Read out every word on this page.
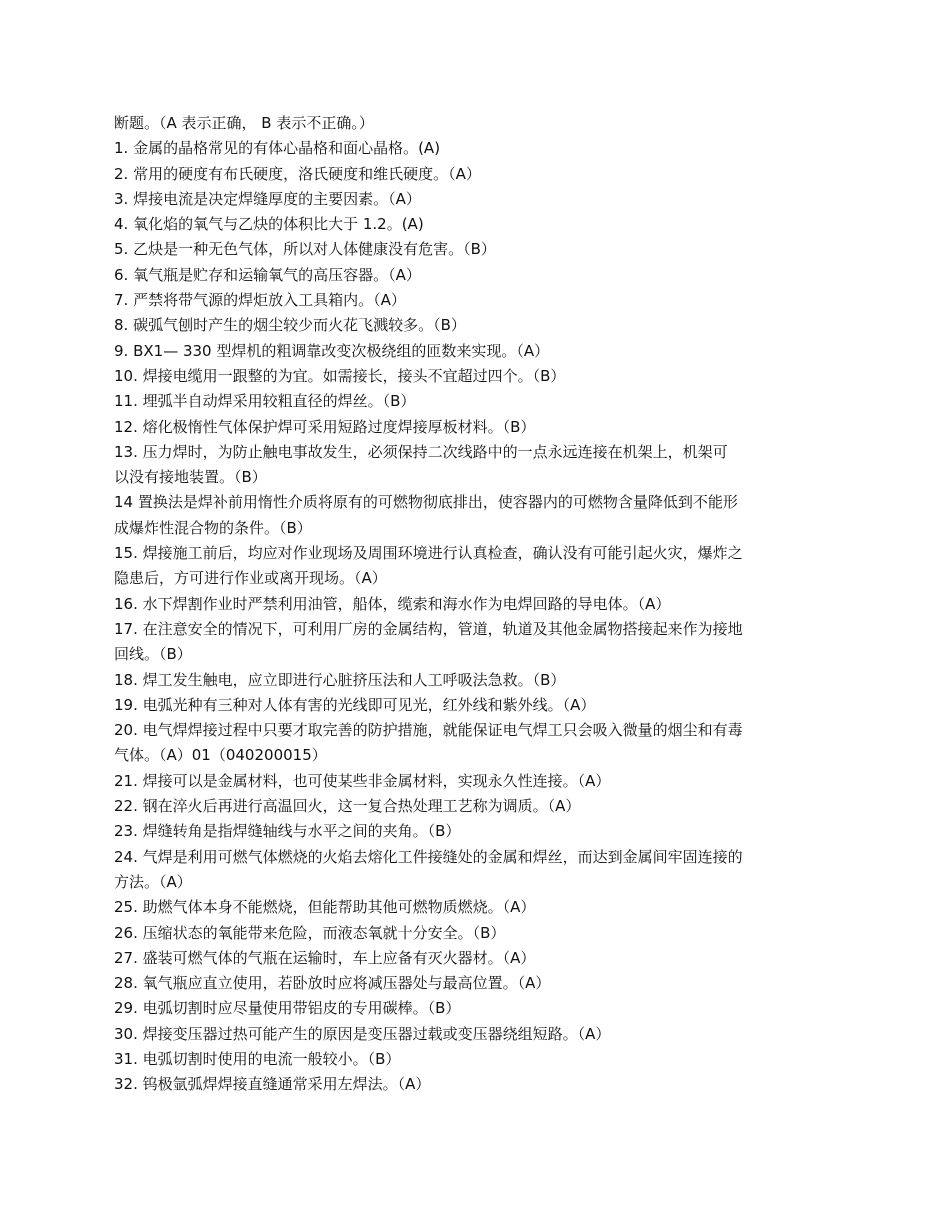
断题。（A 表示正确， B 表示不正确。）
1. 金属的晶格常见的有体心晶格和面心晶格。(A)
2. 常用的硬度有布氏硬度，洛氏硬度和维氏硬度。（A）
3. 焊接电流是决定焊缝厚度的主要因素。（A）
4. 氧化焰的氧气与乙炔的体积比大于 1.2。(A)
5. 乙炔是一种无色气体，所以对人体健康没有危害。（B）
6. 氧气瓶是贮存和运输氧气的高压容器。（A）
7. 严禁将带气源的焊炬放入工具箱内。（A）
8. 碳弧气刨时产生的烟尘较少而火花飞溅较多。（B）
9. BX1— 330 型焊机的粗调靠改变次极绕组的匝数来实现。（A）
10. 焊接电缆用一跟整的为宜。如需接长，接头不宜超过四个。（B）
11. 埋弧半自动焊采用较粗直径的焊丝。（B）
12. 熔化极惰性气体保护焊可采用短路过度焊接厚板材料。（B）
13. 压力焊时，为防止触电事故发生，必须保持二次线路中的一点永远连接在机架上，机架可
以没有接地装置。（B）
14 置换法是焊补前用惰性介质将原有的可燃物彻底排出，使容器内的可燃物含量降低到不能形
成爆炸性混合物的条件。（B）
15. 焊接施工前后，均应对作业现场及周围环境进行认真检查，确认没有可能引起火灾，爆炸之
隐患后，方可进行作业或离开现场。（A）
16. 水下焊割作业时严禁利用油管，船体，缆索和海水作为电焊回路的导电体。（A）
17. 在注意安全的情况下，可利用厂房的金属结构，管道，轨道及其他金属物搭接起来作为接地
回线。（B）
18. 焊工发生触电，应立即进行心脏挤压法和人工呼吸法急救。（B）
19. 电弧光种有三种对人体有害的光线即可见光，红外线和紫外线。（A）
20. 电气焊焊接过程中只要才取完善的防护措施，就能保证电气焊工只会吸入微量的烟尘和有毒
气体。（A）01（040200015）
21. 焊接可以是金属材料，也可使某些非金属材料，实现永久性连接。（A）
22. 钢在淬火后再进行高温回火，这一复合热处理工艺称为调质。（A）
23. 焊缝转角是指焊缝轴线与水平之间的夹角。（B）
24. 气焊是利用可燃气体燃烧的火焰去熔化工件接缝处的金属和焊丝，而达到金属间牢固连接的
方法。（A）
25. 助燃气体本身不能燃烧，但能帮助其他可燃物质燃烧。（A）
26. 压缩状态的氧能带来危险，而液态氧就十分安全。（B）
27. 盛装可燃气体的气瓶在运输时，车上应备有灭火器材。（A）
28. 氧气瓶应直立使用，若卧放时应将减压器处与最高位置。（A）
29. 电弧切割时应尽量使用带铝皮的专用碳棒。（B）
30. 焊接变压器过热可能产生的原因是变压器过载或变压器绕组短路。（A）
31. 电弧切割时使用的电流一般较小。（B）
32. 钨极氩弧焊焊接直缝通常采用左焊法。（A）
